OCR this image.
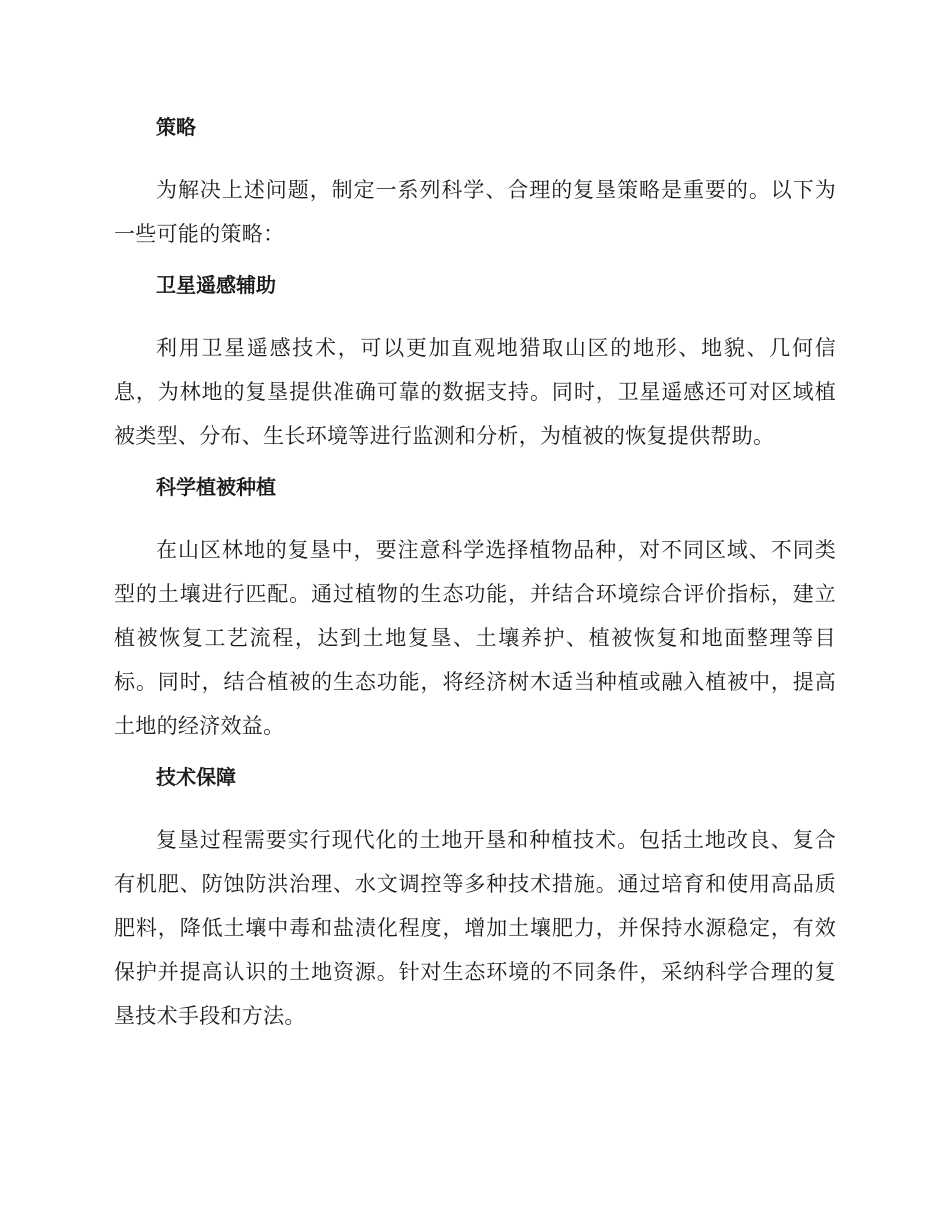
策略

为解决上述问题，制定一系列科学、合理的复垦策略是重要的。以下为一些可能的策略：

卫星遥感辅助

利用卫星遥感技术，可以更加直观地猎取山区的地形、地貌、几何信息，为林地的复垦提供准确可靠的数据支持。同时，卫星遥感还可对区域植被类型、分布、生长环境等进行监测和分析，为植被的恢复提供帮助。

科学植被种植

在山区林地的复垦中，要注意科学选择植物品种，对不同区域、不同类型的土壤进行匹配。通过植物的生态功能，并结合环境综合评价指标，建立植被恢复工艺流程，达到土地复垦、土壤养护、植被恢复和地面整理等目标。同时，结合植被的生态功能，将经济树木适当种植或融入植被中，提高土地的经济效益。

技术保障

复垦过程需要实行现代化的土地开垦和种植技术。包括土地改良、复合有机肥、防蚀防洪治理、水文调控等多种技术措施。通过培育和使用高品质肥料，降低土壤中毒和盐渍化程度，增加土壤肥力，并保持水源稳定，有效保护并提高认识的土地资源。针对生态环境的不同条件，采纳科学合理的复垦技术手段和方法。
